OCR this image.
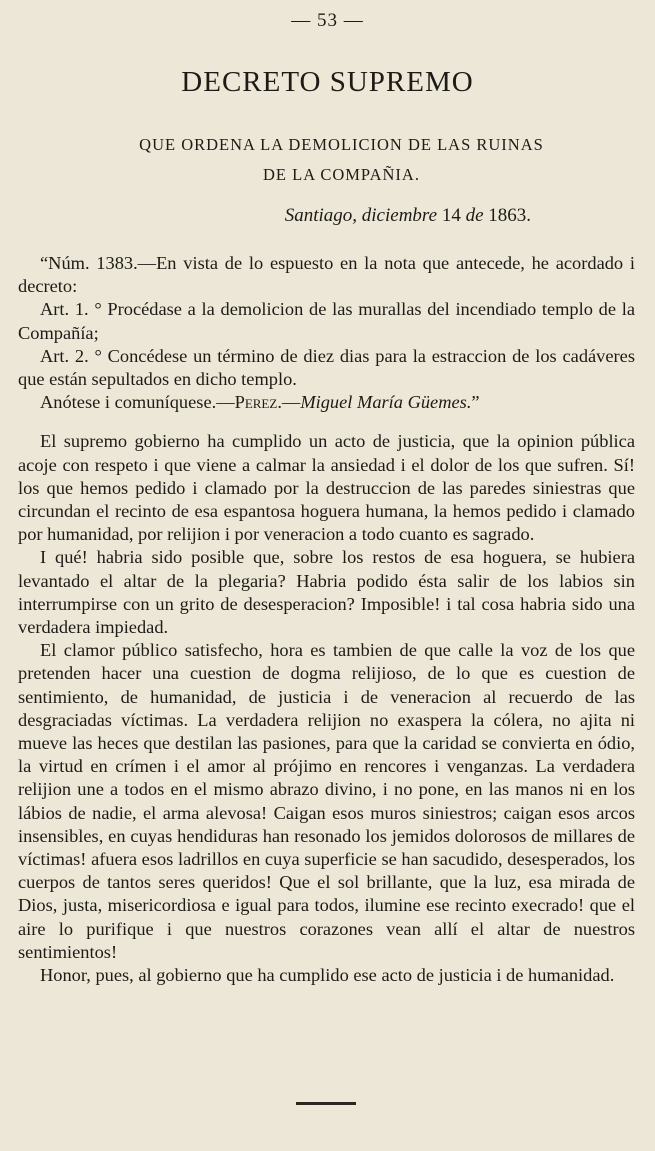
— 53 —
DECRETO SUPREMO
QUE ORDENA LA DEMOLICION DE LAS RUINAS
DE LA COMPAÑIA.
Santiago, diciembre 14 de 1863.

“Núm. 1383.—En vista de lo espuesto en la nota que antecede, he acordado i decreto:

Art. 1. ° Procédase a la demolicion de las murallas del incendiado templo de la Compañía;

Art. 2. ° Concédese un término de diez dias para la estraccion de los cadáveres que están sepultados en dicho templo.

Anótese i comuníquese.—Perez.—Miguel María Güemes.”

El supremo gobierno ha cumplido un acto de justicia, que la opinion pública acoje con respeto i que viene a calmar la ansiedad i el dolor de los que sufren. Sí! los que hemos pedido i clamado por la destruccion de las paredes siniestras que circundan el recinto de esa espantosa hoguera humana, la hemos pedido i clamado por humanidad, por relijion i por veneracion a todo cuanto es sagrado.

I qué! habria sido posible que, sobre los restos de esa hoguera, se hubiera levantado el altar de la plegaria? Habria podido ésta salir de los labios sin interrumpirse con un grito de desesperacion? Imposible! i tal cosa habria sido una verdadera impiedad.

El clamor público satisfecho, hora es tambien de que calle la voz de los que pretenden hacer una cuestion de dogma relijioso, de lo que es cuestion de sentimiento, de humanidad, de justicia i de veneracion al recuerdo de las desgraciadas víctimas. La verdadera relijion no exaspera la cólera, no ajita ni mueve las heces que destilan las pasiones, para que la caridad se convierta en ódio, la virtud en crímen i el amor al prójimo en rencores i venganzas. La verdadera relijion une a todos en el mismo abrazo divino, i no pone, en las manos ni en los lábios de nadie, el arma alevosa! Caigan esos muros siniestros; caigan esos arcos insensibles, en cuyas hendiduras han resonado los jemidos dolorosos de millares de víctimas! afuera esos ladrillos en cuya superficie se han sacudido, desesperados, los cuerpos de tantos seres queridos! Que el sol brillante, que la luz, esa mirada de Dios, justa, misericordiosa e igual para todos, ilumine ese recinto execrado! que el aire lo purifique i que nuestros corazones vean allí el altar de nuestros sentimientos!

Honor, pues, al gobierno que ha cumplido ese acto de justicia i de humanidad.
